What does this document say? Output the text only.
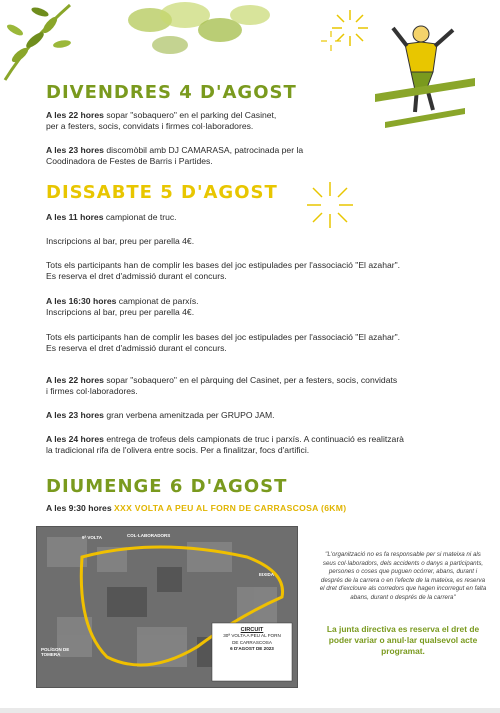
DIVENDRES 4 D'AGOST
A les 22 hores sopar "sobaquero" en el parking del Casinet,
per a festers, socis, convidats i firmes col·laboradores.
A les 23 hores discomòbil amb DJ CAMARASA, patrocinada per la
Coodinadora de Festes de Barris i Partides.
DISSABTE 5 D'AGOST
A les 11 hores campionat de truc.
Inscripcions al bar, preu per parella 4€.
Tots els participants han de complir les bases del joc estipulades per l'associació "El azahar".
Es reserva el dret d'admissió durant el concurs.
A les 16:30 hores campionat de parxís.
Inscripcions al bar, preu per parella 4€.
Tots els participants han de complir les bases del joc estipulades per l'associació "El azahar".
Es reserva el dret d'admissió durant el concurs.
A les 22 hores sopar "sobaquero" en el pàrquing del Casinet, per a festers, socis, convidats
i firmes col·laboradores.
A les 23 hores gran verbena amenitzada per GRUPO JAM.
A les 24 hores entrega de trofeus dels campionats de truc i parxís. A continuació es realitzarà
la tradicional rifa de l'olivera entre socis. Per a finalitzar, focs d'artifici.
DIUMENGE 6 D'AGOST
A les 9:30 hores XXX VOLTA A PEU AL FORN DE CARRASCOSA (6KM)
POLÍGON DE TOMERA
9ª VOLTA	COL·LABORADORS
EIXIDA
CIRCUIT
30ª VOLTA A PEU AL FORN
DE CARRASCOSA
6 D'AGOST DE 2023
"L'organització no es fa responsable per si mateixa ni als seus col·laboradors, dels accidents o danys a participants, persones o coses que puguen ocórrer, abans, durant i després de la carrera o en l'efecte de la mateixa, es reserva el dret d'excloure als corredors que hagen incorregut en falta abans, durant o després de la carrera"
La junta directiva es reserva el dret de poder variar o anul·lar qualsevol acte programat.
